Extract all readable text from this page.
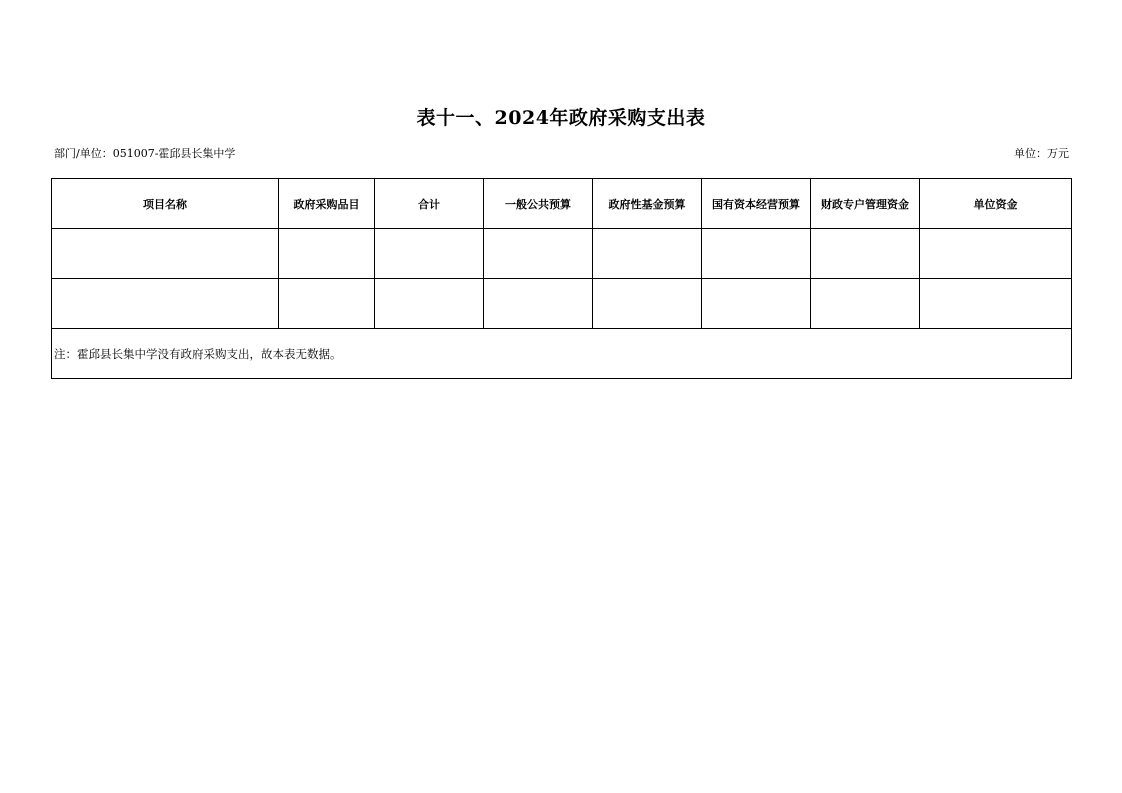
表十一、2024年政府采购支出表
部门/单位：051007-霍邱县长集中学	单位：万元
项目名称	政府采购品目	合计	一般公共预算	政府性基金预算	国有资本经营预算	财政专户管理资金	单位资金

注：霍邱县长集中学没有政府采购支出，故本表无数据。							
